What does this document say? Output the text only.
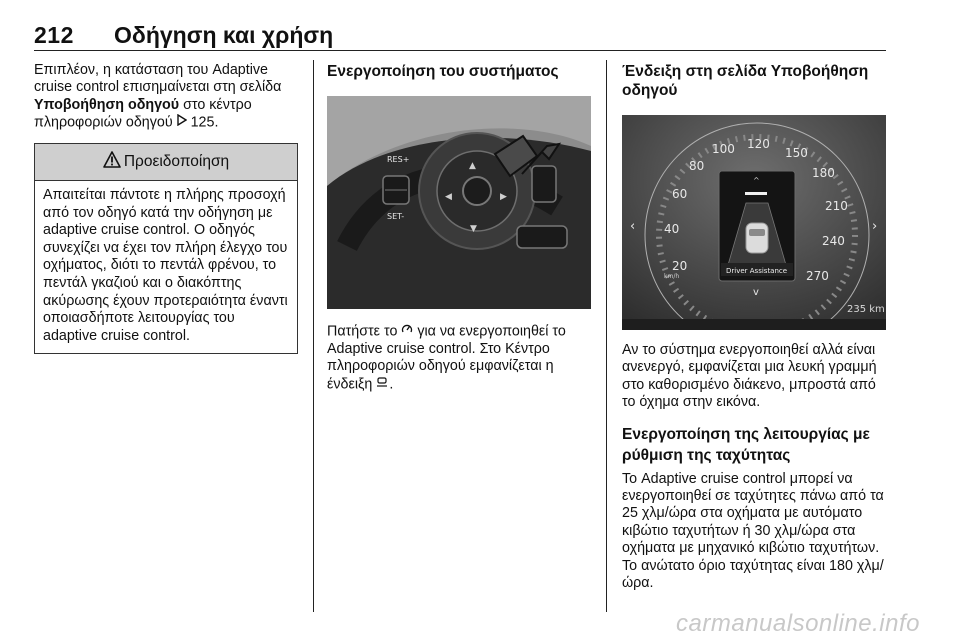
212 Οδήγηση και χρήση

Επιπλέον, η κατάσταση του Adaptive cruise control επισημαίνεται στη σελίδα Υποβοήθηση οδηγού στο κέντρο πληροφοριών οδηγού  125.

Προειδοποίηση
Απαιτείται πάντοτε η πλήρης προσοχή από τον οδηγό κατά την οδήγηση με adaptive cruise control. Ο οδηγός συνεχίζει να έχει τον πλήρη έλεγχο του οχήματος, διότι το πεντάλ φρένου, το πεντάλ γκαζιού και ο διακόπτης ακύρωσης έχουν προτεραιότητα έναντι οποιασδήποτε λειτουργίας του adaptive cruise control.
Ενεργοποίηση του συστήματος
▲
◀	▶
▼
RES+
SET-

Πατήστε το  για να ενεργοποιηθεί το Adaptive cruise control. Στο Κέντρο πληροφοριών οδηγού εμφανίζεται η ένδειξη .

Ένδειξη στη σελίδα Υποβοήθηση οδηγού
20
40
60
80
100 120
150
180
210
240
270
km/h
‹	›
^
Driver Assistance
v
235 km

Αν το σύστημα ενεργοποιηθεί αλλά είναι ανενεργό, εμφανίζεται μια λευκή γραμμή στο καθορισμένο διάκενο, μπροστά από το όχημα στην εικόνα.

Ενεργοποίηση της λειτουργίας με ρύθμιση της ταχύτητας

Το Adaptive cruise control μπορεί να ενεργοποιηθεί σε ταχύτητες πάνω από τα 25 χλμ/ώρα στα οχήματα με αυτόματο κιβώτιο ταχυτήτων ή 30 χλμ/ώρα στα οχήματα με μηχανικό κιβώτιο ταχυτήτων. Το ανώτατο όριο ταχύτητας είναι 180 χλμ/ώρα.

carmanualsonline.info
